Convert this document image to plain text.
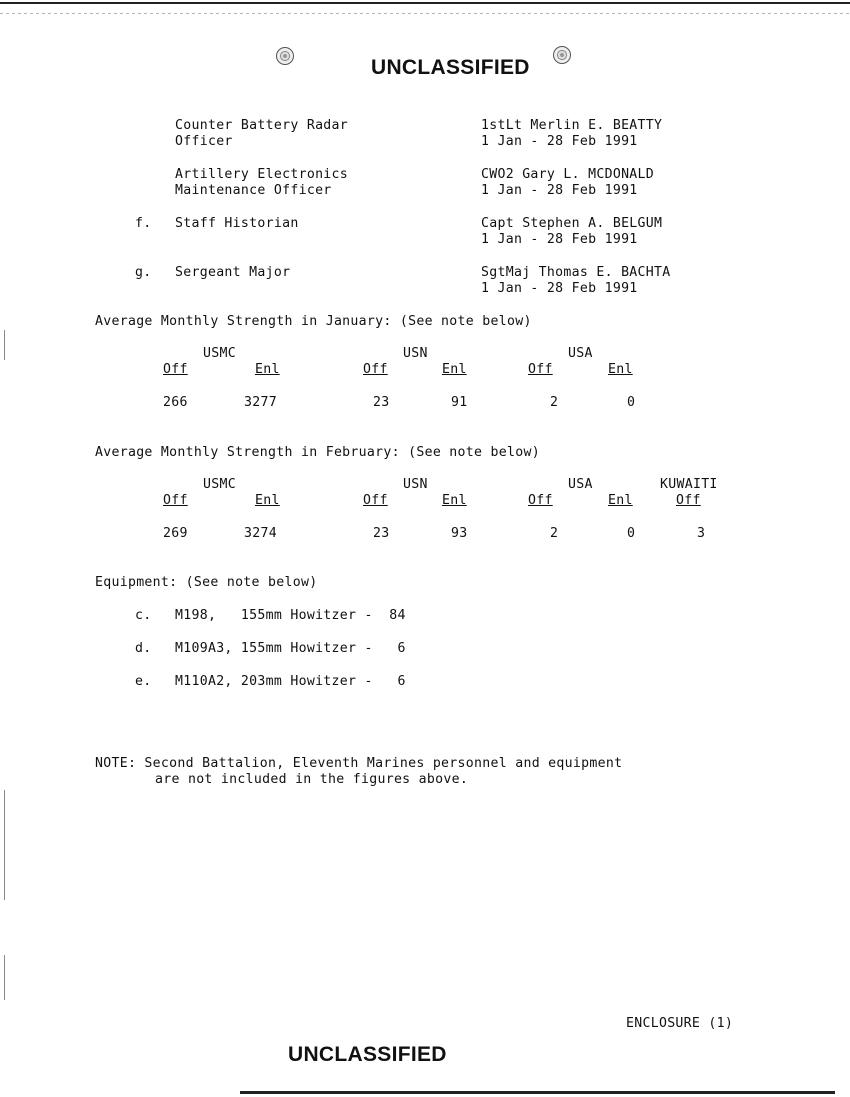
UNCLASSIFIED
Counter Battery Radar
Officer
1stLt Merlin E. BEATTY
1 Jan - 28 Feb 1991
Artillery Electronics
Maintenance Officer
CWO2 Gary L. MCDONALD
1 Jan - 28 Feb 1991
f. Staff Historian	Capt Stephen A. BELGUM
1 Jan - 28 Feb 1991
g. Sergeant Major	SgtMaj Thomas E. BACHTA
1 Jan - 28 Feb 1991
Average Monthly Strength in January: (See note below)
USMC	USN	USA
Off	Enl	Off	Enl	Off	Enl
266	3277	23	91	2	0
Average Monthly Strength in February: (See note below)
USMC	USN	USA	KUWAITI
Off	Enl	Off	Enl	Off	Enl	Off
269	3274	23	93	2	0	3
Equipment: (See note below)
c. M198,   155mm Howitzer -  84
d. M109A3, 155mm Howitzer -   6
e. M110A2, 203mm Howitzer -   6
NOTE: Second Battalion, Eleventh Marines personnel and equipment
are not included in the figures above.
ENCLOSURE (1)
UNCLASSIFIED
